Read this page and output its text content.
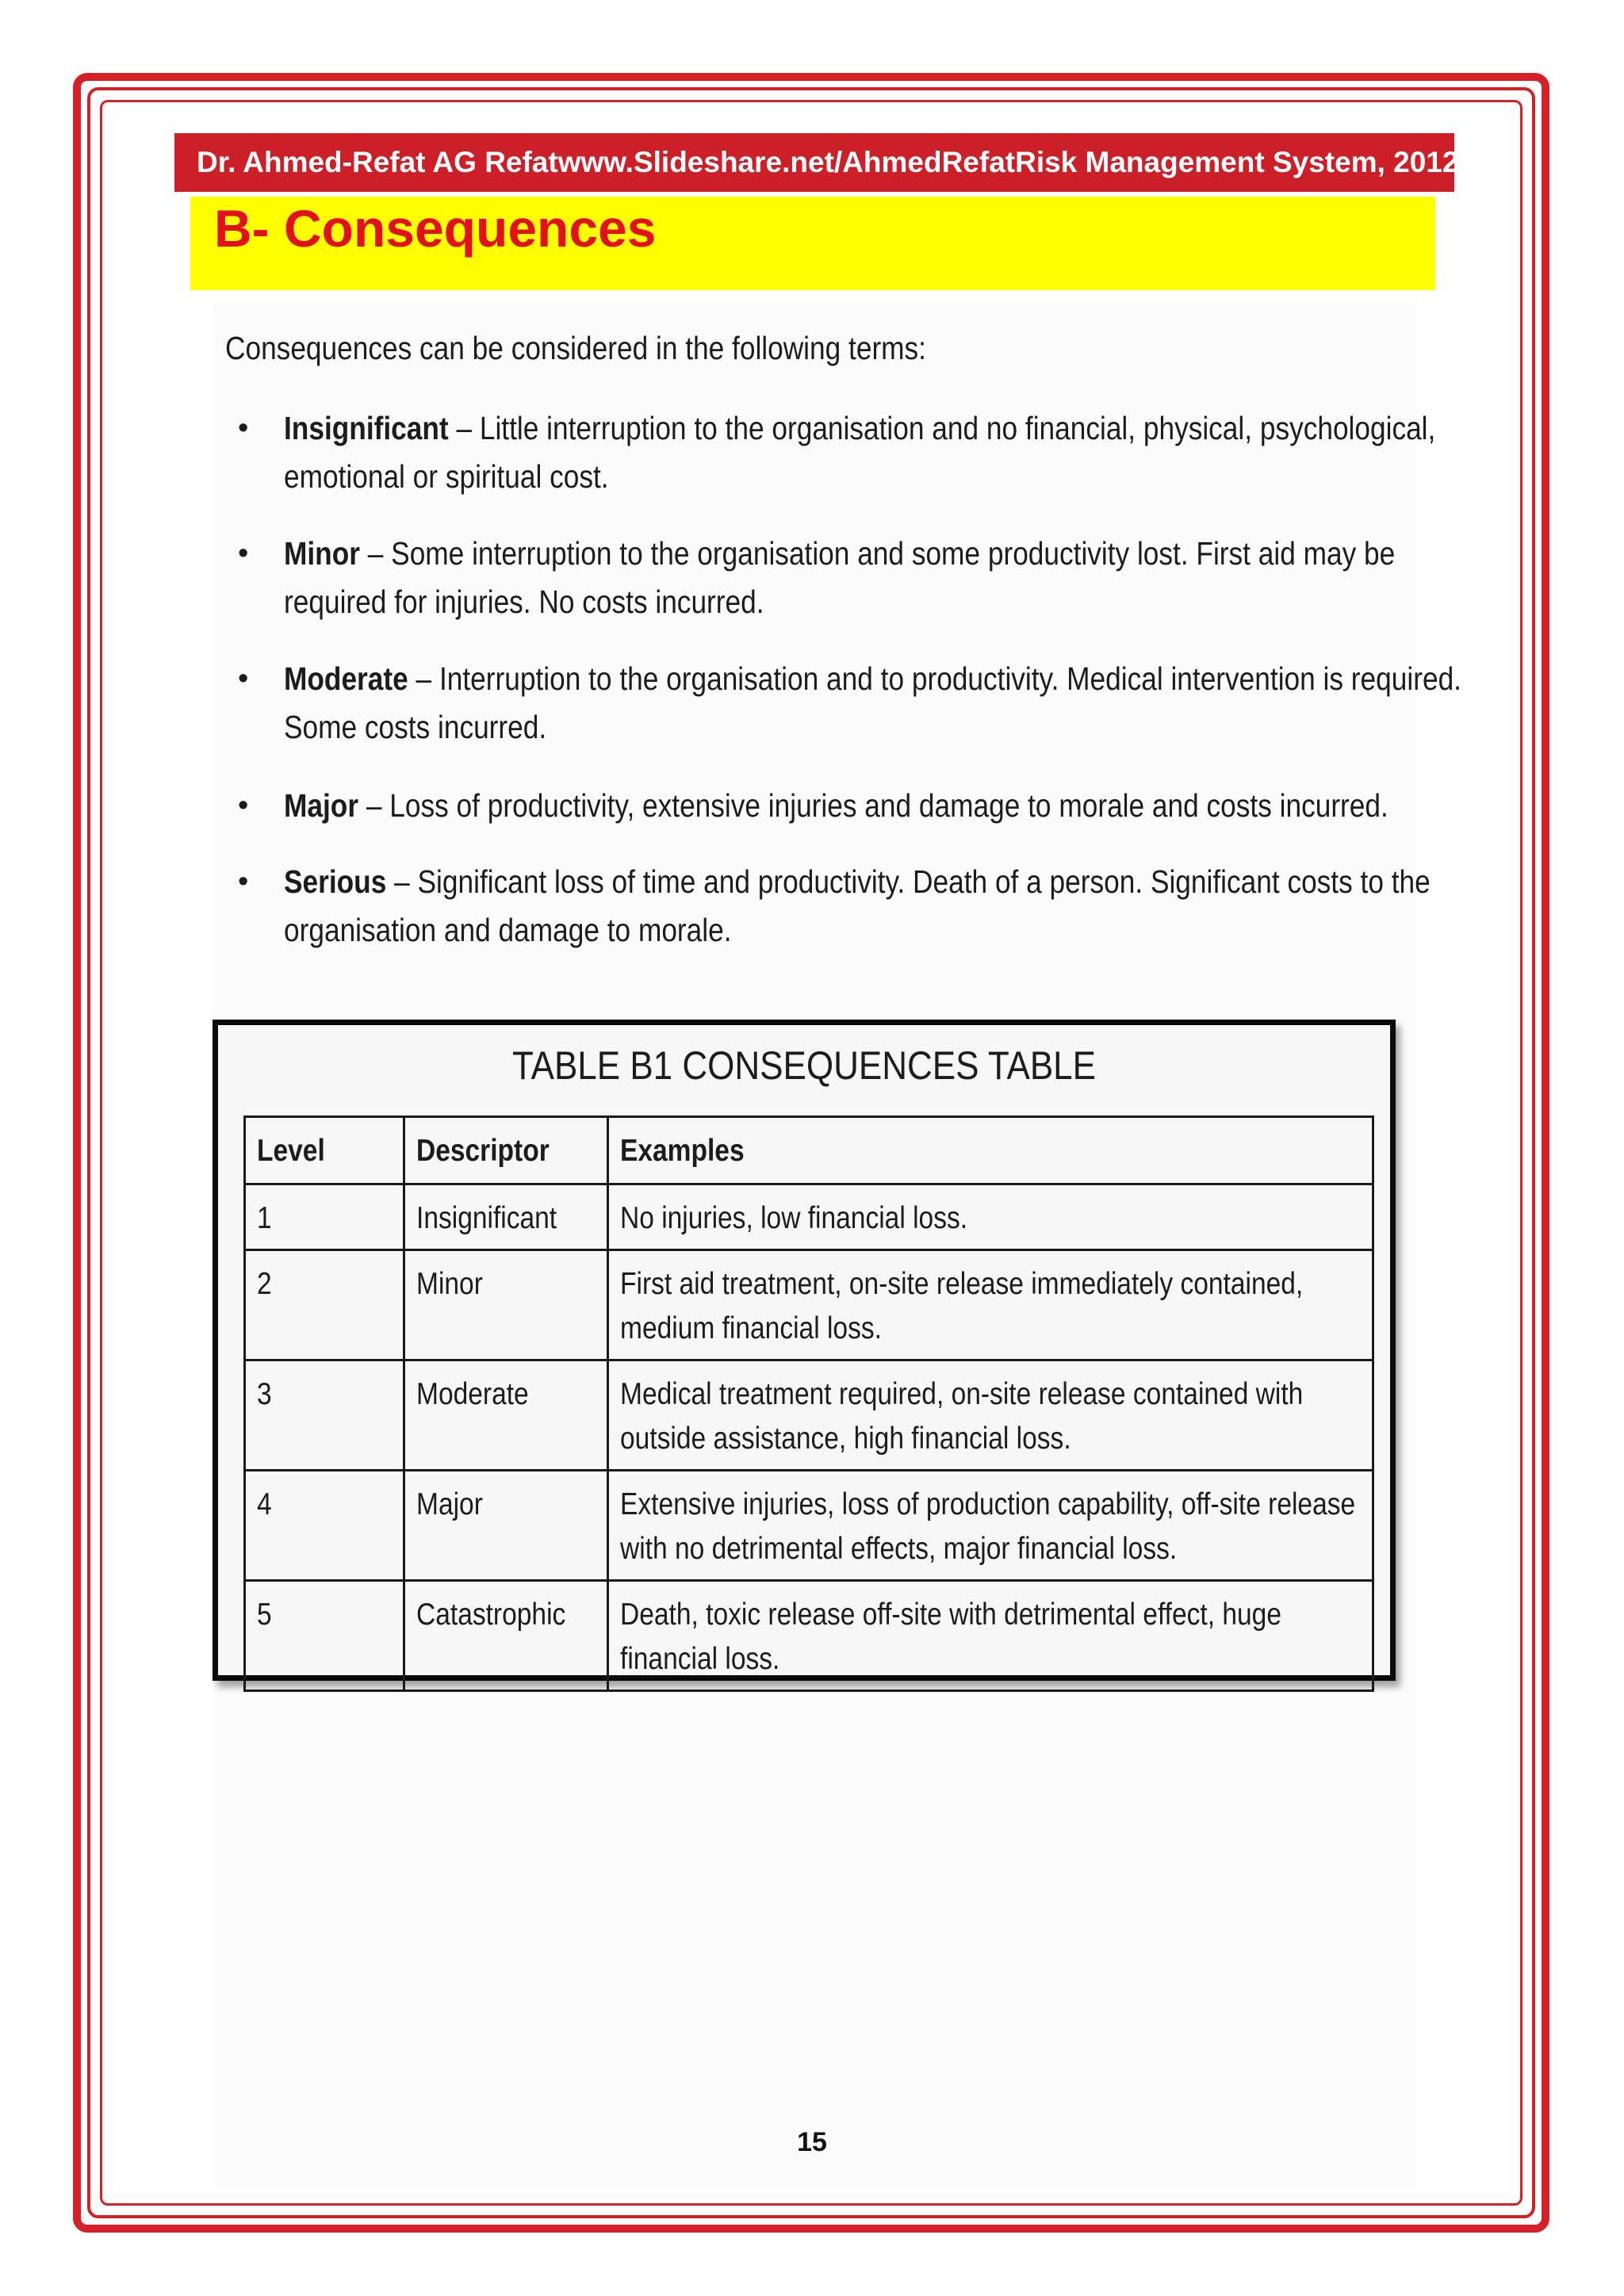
Dr. Ahmed-Refat AG Refat www.Slideshare.net/AhmedRefat Risk Management System, 2012
B- Consequences
Consequences can be considered in the following terms:
• Insignificant – Little interruption to the organisation and no financial, physical, psychological, emotional or spiritual cost.
• Minor – Some interruption to the organisation and some productivity lost. First aid may be required for injuries. No costs incurred.
• Moderate – Interruption to the organisation and to productivity. Medical intervention is required. Some costs incurred.
• Major – Loss of productivity, extensive injuries and damage to morale and costs incurred.
• Serious – Significant loss of time and productivity. Death of a person. Significant costs to the organisation and damage to morale.
TABLE B1 CONSEQUENCES TABLE
Level	Descriptor	Examples

1	Insignificant	No injuries, low financial loss.

2	Minor	First aid treatment, on-site release immediately contained, medium financial loss.

3	Moderate	Medical treatment required, on-site release contained with outside assistance, high financial loss.

4	Major	Extensive injuries, loss of production capability, off-site release with no detrimental effects, major financial loss.

5	Catastrophic	Death, toxic release off-site with detrimental effect, huge financial loss.
15
